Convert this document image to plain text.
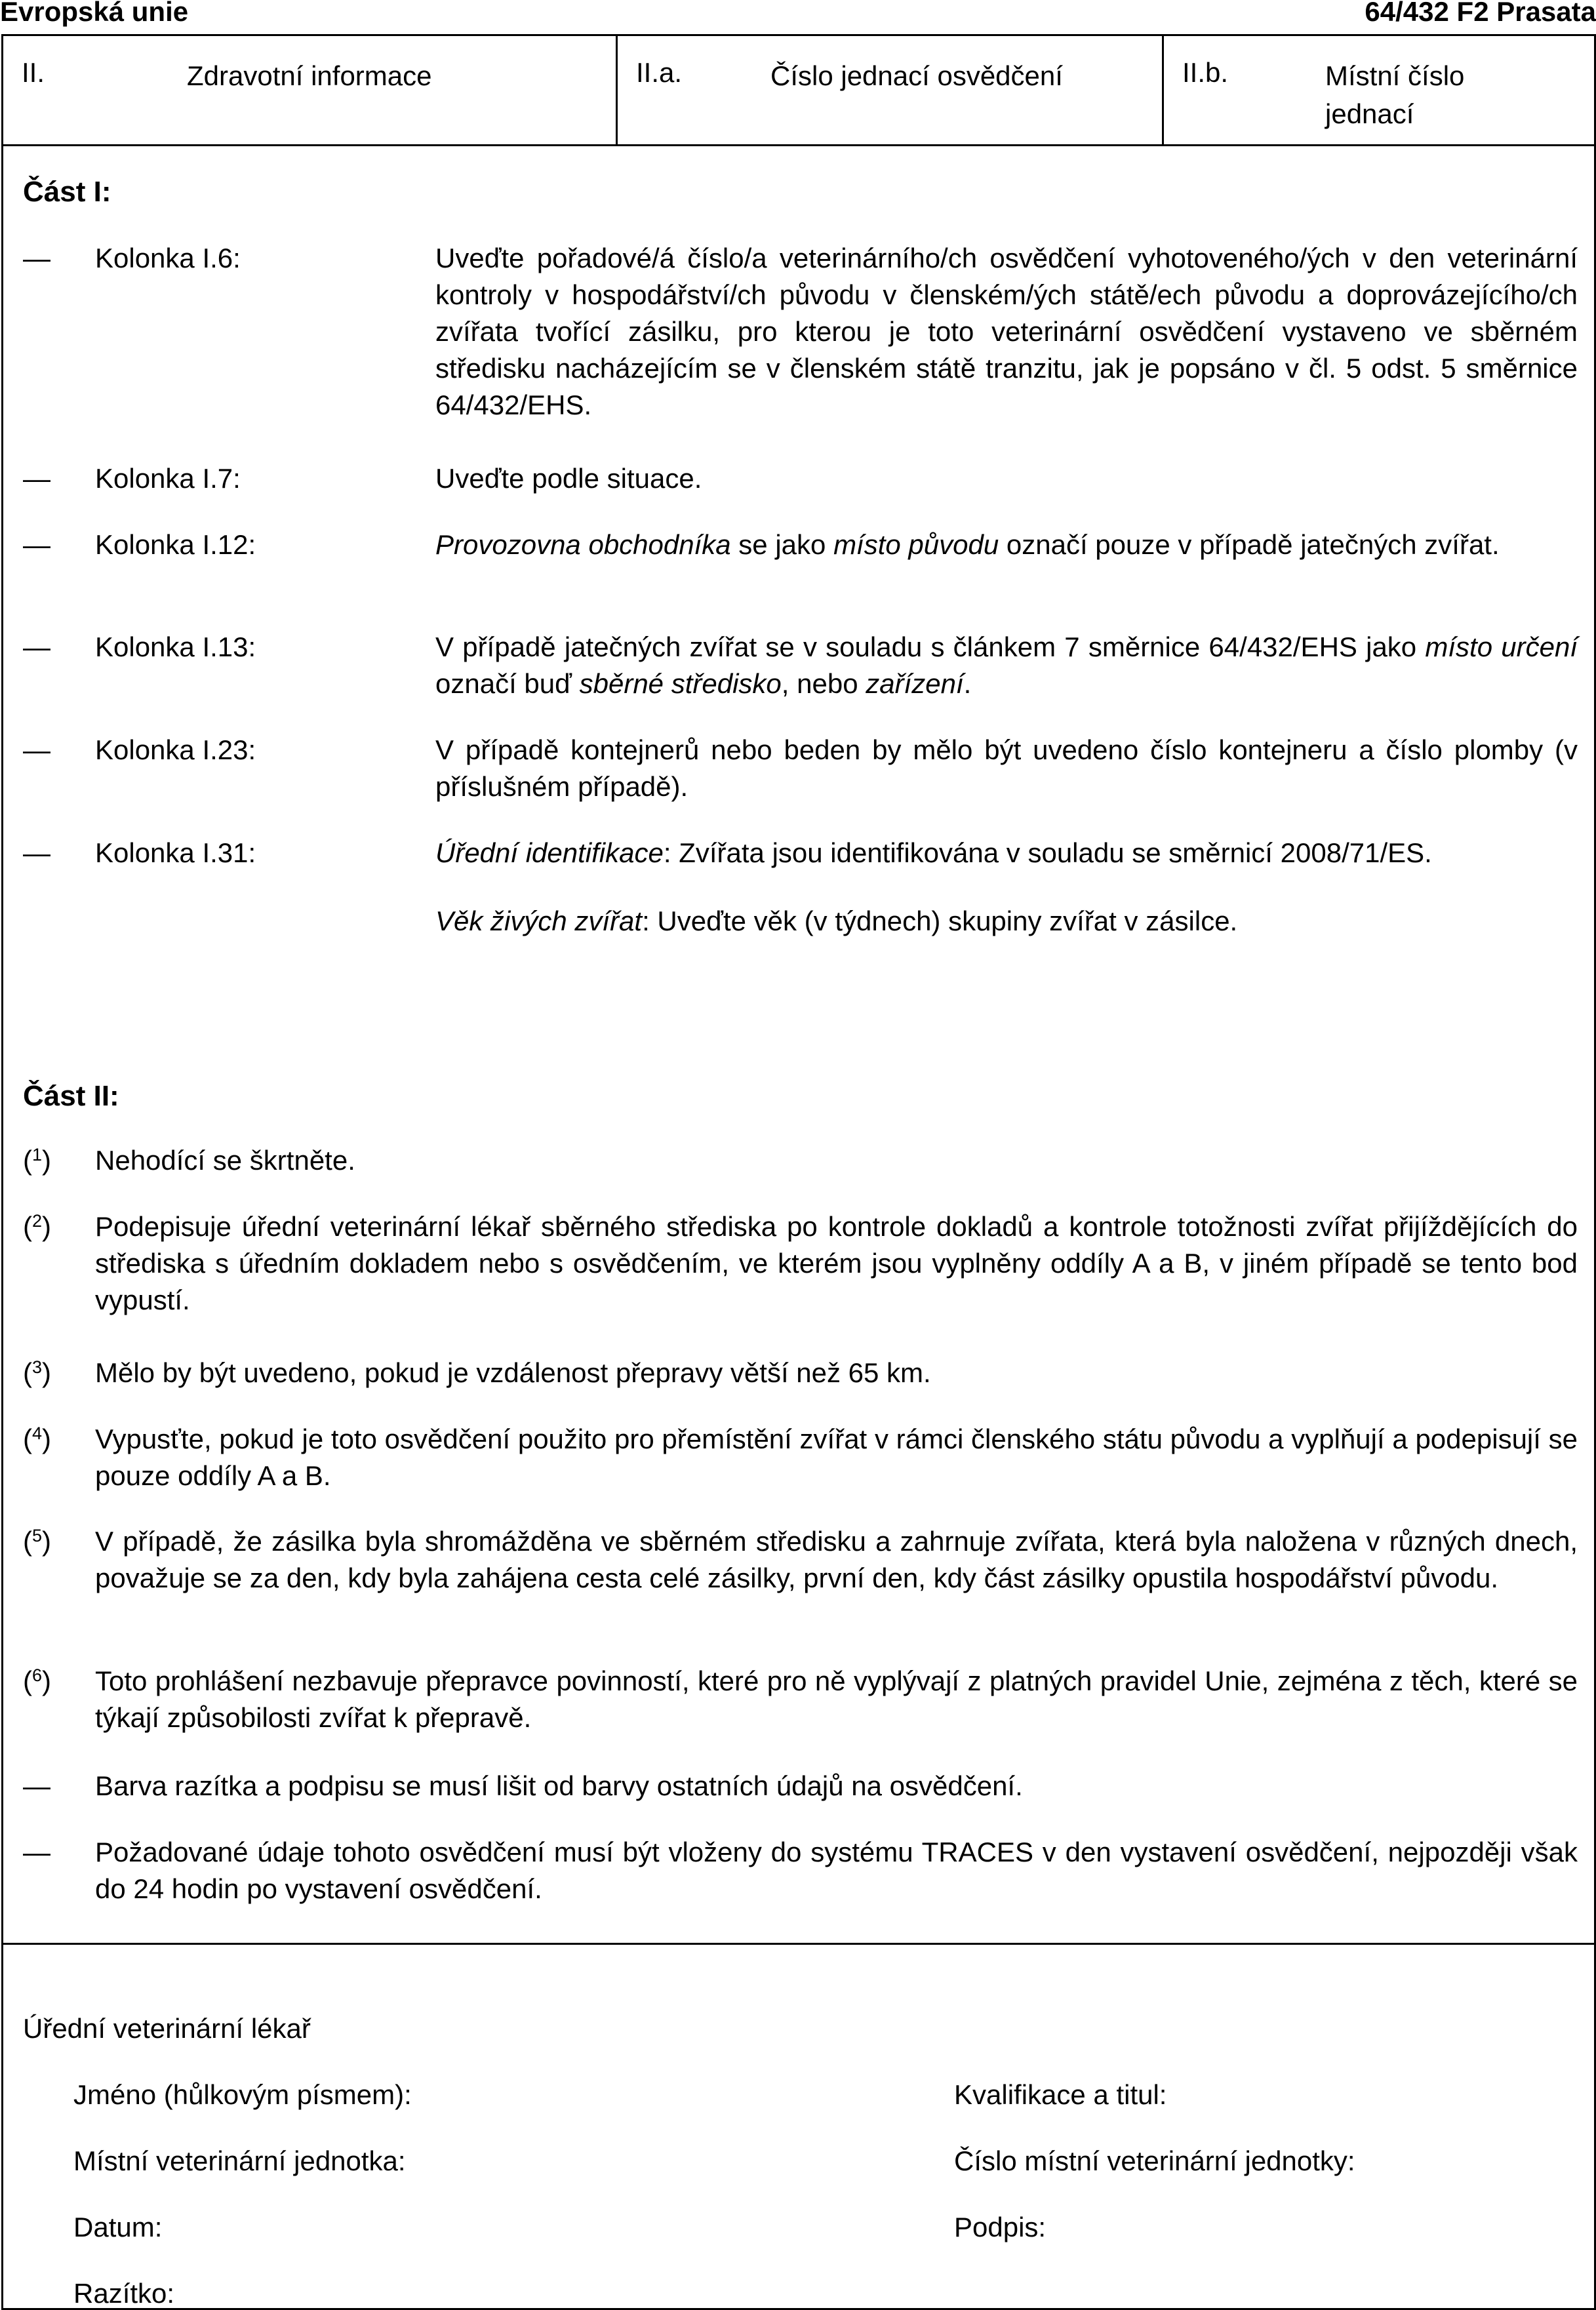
Evropská unie	64/432 F2 Prasata
II.	Zdravotní informace	II.a.	Číslo jednací osvědčení	II.b.	Místní číslo jednací
Část I:
— Kolonka I.6:	Uveďte pořadové/á číslo/a veterinárního/ch osvědčení vyhotoveného/ých v den veterinární kontroly v hospodářství/ch původu v členském/ých státě/ech původu a doprovázejícího/ch zvířata tvořící zásilku, pro kterou je toto veterinární osvědčení vystaveno ve sběrném středisku nacházejícím se v členském státě tranzitu, jak je popsáno v čl. 5 odst. 5 směrnice 64/432/EHS.
— Kolonka I.7:	Uveďte podle situace.
— Kolonka I.12:	Provozovna obchodníka se jako místo původu označí pouze v případě jatečných zvířat.
— Kolonka I.13:	V případě jatečných zvířat se v souladu s článkem 7 směrnice 64/432/EHS jako místo určení označí buď sběrné středisko, nebo zařízení.
— Kolonka I.23:	V případě kontejnerů nebo beden by mělo být uvedeno číslo kontejneru a číslo plomby (v příslušném případě).
— Kolonka I.31:	Úřední identifikace: Zvířata jsou identifikována v souladu se směrnicí 2008/71/ES.
Věk živých zvířat: Uveďte věk (v týdnech) skupiny zvířat v zásilce.
Část II:
($^1$) Nehodící se škrtněte.
($^2$) Podepisuje úřední veterinární lékař sběrného střediska po kontrole dokladů a kontrole totožnosti zvířat přijíždějících do střediska s úředním dokladem nebo s osvědčením, ve kterém jsou vyplněny oddíly A a B, v jiném případě se tento bod vypustí.
($^3$) Mělo by být uvedeno, pokud je vzdálenost přepravy větší než 65 km.
($^4$) Vypusťte, pokud je toto osvědčení použito pro přemístění zvířat v rámci členského státu původu a vyplňují a podepisují se pouze oddíly A a B.
($^5$) V případě, že zásilka byla shromážděna ve sběrném středisku a zahrnuje zvířata, která byla naložena v různých dnech, považuje se za den, kdy byla zahájena cesta celé zásilky, první den, kdy část zásilky opustila hospodářství původu.
($^6$) Toto prohlášení nezbavuje přepravce povinností, které pro ně vyplývají z platných pravidel Unie, zejména z těch, které se týkají způsobilosti zvířat k přepravě.
— Barva razítka a podpisu se musí lišit od barvy ostatních údajů na osvědčení.
— Požadované údaje tohoto osvědčení musí být vloženy do systému TRACES v den vystavení osvědčení, nejpozději však do 24 hodin po vystavení osvědčení.
Úřední veterinární lékař
Jméno (hůlkovým písmem):	Kvalifikace a titul:
Místní veterinární jednotka:	Číslo místní veterinární jednotky:
Datum:	Podpis:
Razítko:
